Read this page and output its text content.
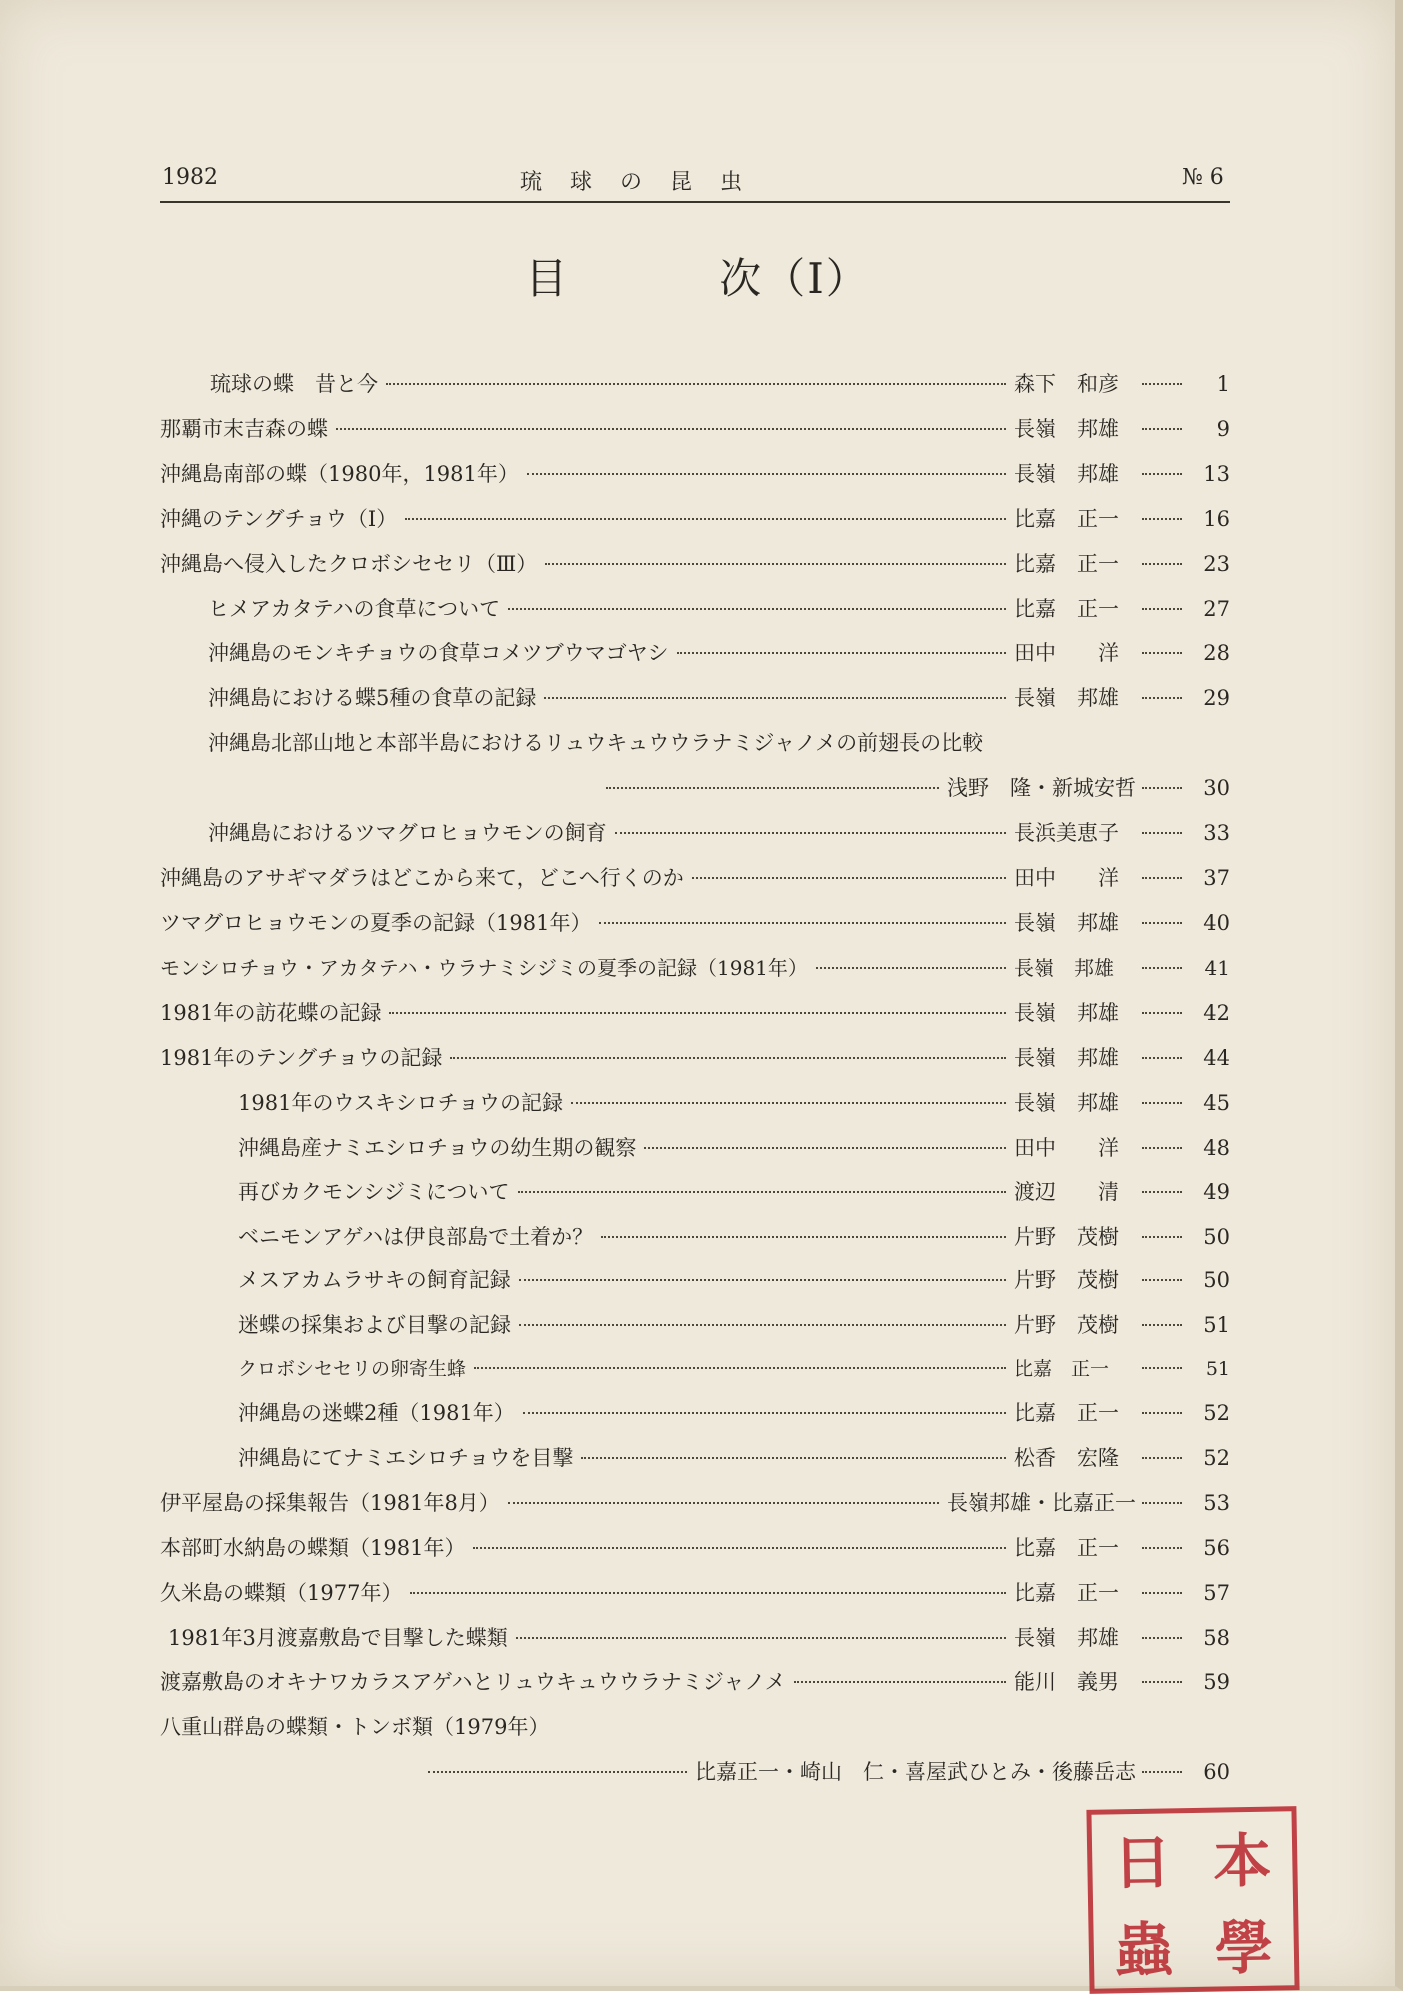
1982	琉球の昆虫	№ 6
目	次（Ⅰ）
琉球の蝶　昔と今	森下　和彦	1
那覇市末吉森の蝶	長嶺　邦雄	9
沖縄島南部の蝶（1980年，1981年）	長嶺　邦雄	13
沖縄のテングチョウ（Ⅰ）	比嘉　正一	16
沖縄島へ侵入したクロボシセセリ（Ⅲ）	比嘉　正一	23
ヒメアカタテハの食草について	比嘉　正一	27
沖縄島のモンキチョウの食草コメツブウマゴヤシ	田中　　洋	28
沖縄島における蝶5種の食草の記録	長嶺　邦雄	29
沖縄島北部山地と本部半島におけるリュウキュウウラナミジャノメの前翅長の比較
浅野　隆・新城安哲	30
沖縄島におけるツマグロヒョウモンの飼育	長浜美恵子	33
沖縄島のアサギマダラはどこから来て，どこへ行くのか	田中　　洋	37
ツマグロヒョウモンの夏季の記録（1981年）	長嶺　邦雄	40
モンシロチョウ・アカタテハ・ウラナミシジミの夏季の記録（1981年）	長嶺　邦雄	41
1981年の訪花蝶の記録	長嶺　邦雄	42
1981年のテングチョウの記録	長嶺　邦雄	44
1981年のウスキシロチョウの記録	長嶺　邦雄	45
沖縄島産ナミエシロチョウの幼生期の観察	田中　　洋	48
再びカクモンシジミについて	渡辺　　清	49
ベニモンアゲハは伊良部島で土着か？	片野　茂樹	50
メスアカムラサキの飼育記録	片野　茂樹	50
迷蝶の採集および目撃の記録	片野　茂樹	51
クロボシセセリの卵寄生蜂	比嘉　正一	51
沖縄島の迷蝶2種（1981年）	比嘉　正一	52
沖縄島にてナミエシロチョウを目撃	松香　宏隆	52
伊平屋島の採集報告（1981年8月）	長嶺邦雄・比嘉正一	53
本部町水納島の蝶類（1981年）	比嘉　正一	56
久米島の蝶類（1977年）	比嘉　正一	57
1981年3月渡嘉敷島で目撃した蝶類	長嶺　邦雄	58
渡嘉敷島のオキナワカラスアゲハとリュウキュウウラナミジャノメ	能川　義男	59
八重山群島の蝶類・トンボ類（1979年）
比嘉正一・崎山　仁・喜屋武ひとみ・後藤岳志	60
日 本
蟲 學
